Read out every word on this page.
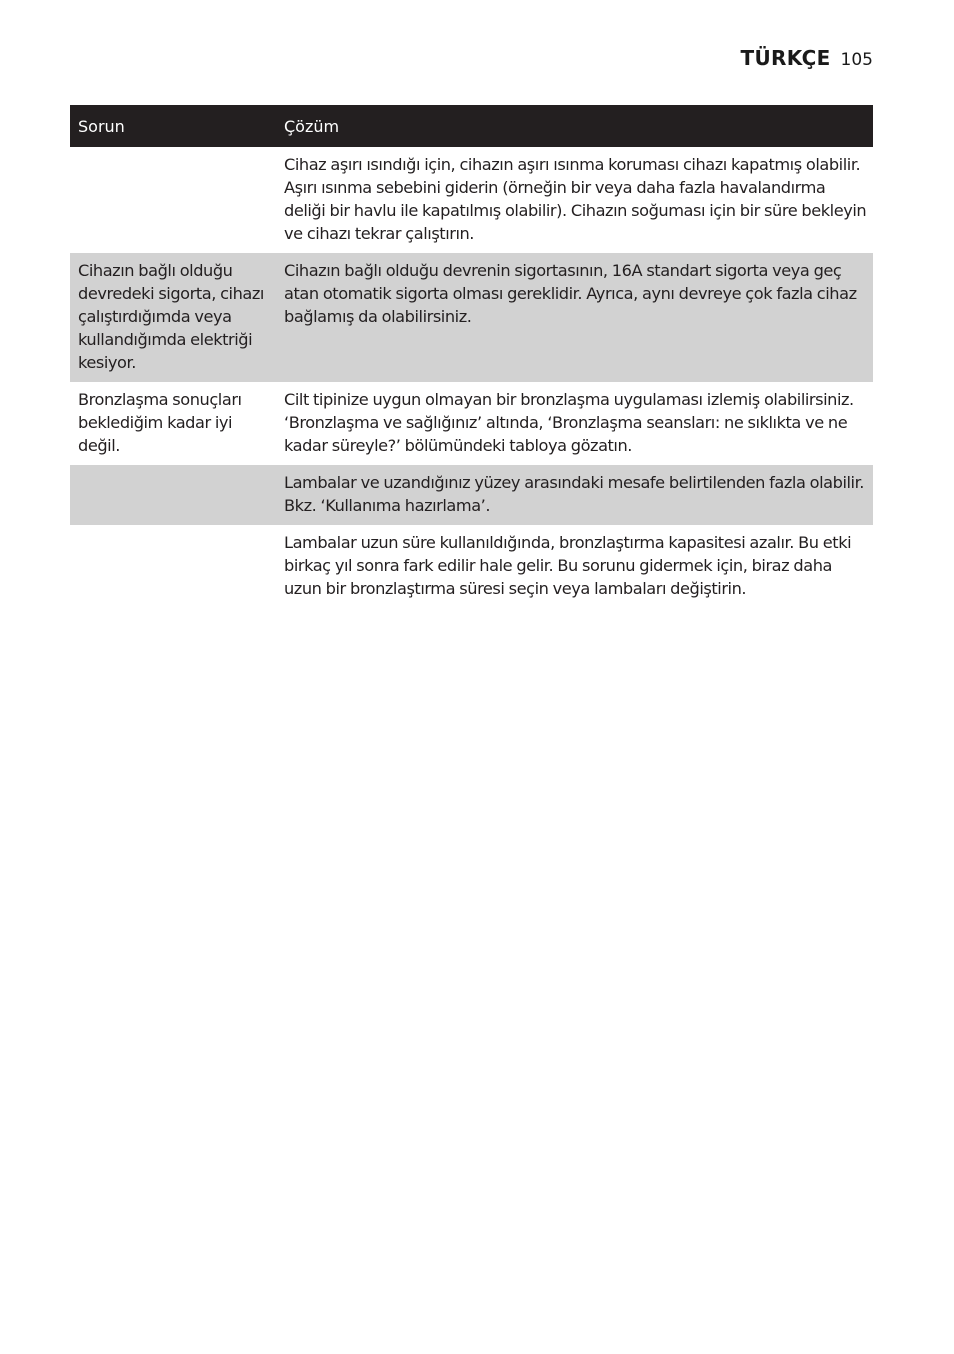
TÜRKÇE 105
Sorun	Çözüm
	Cihaz aşırı ısındığı için, cihazın aşırı ısınma koruması cihazı kapatmış olabilir. Aşırı ısınma sebebini giderin (örneğin bir veya daha fazla havalandırma deliği bir havlu ile kapatılmış olabilir). Cihazın soğuması için bir süre bekleyin ve cihazı tekrar çalıştırın.
Cihazın bağlı olduğu devredeki sigorta, cihazı çalıştırdığımda veya kullandığımda elektriği kesiyor.	Cihazın bağlı olduğu devrenin sigortasının, 16A standart sigorta veya geç atan otomatik sigorta olması gereklidir. Ayrıca, aynı devreye çok fazla cihaz bağlamış da olabilirsiniz.
Bronzlaşma sonuçları beklediğim kadar iyi değil.	Cilt tipinize uygun olmayan bir bronzlaşma uygulaması izlemiş olabilirsiniz. ‘Bronzlaşma ve sağlığınız’ altında, ‘Bronzlaşma seansları: ne sıklıkta ve ne kadar süreyle?’ bölümündeki tabloya gözatın.
	Lambalar ve uzandığınız yüzey arasındaki mesafe belirtilenden fazla olabilir. Bkz. ‘Kullanıma hazırlama’.
	Lambalar uzun süre kullanıldığında, bronzlaştırma kapasitesi azalır. Bu etki birkaç yıl sonra fark edilir hale gelir. Bu sorunu gidermek için, biraz daha uzun bir bronzlaştırma süresi seçin veya lambaları değiştirin.
